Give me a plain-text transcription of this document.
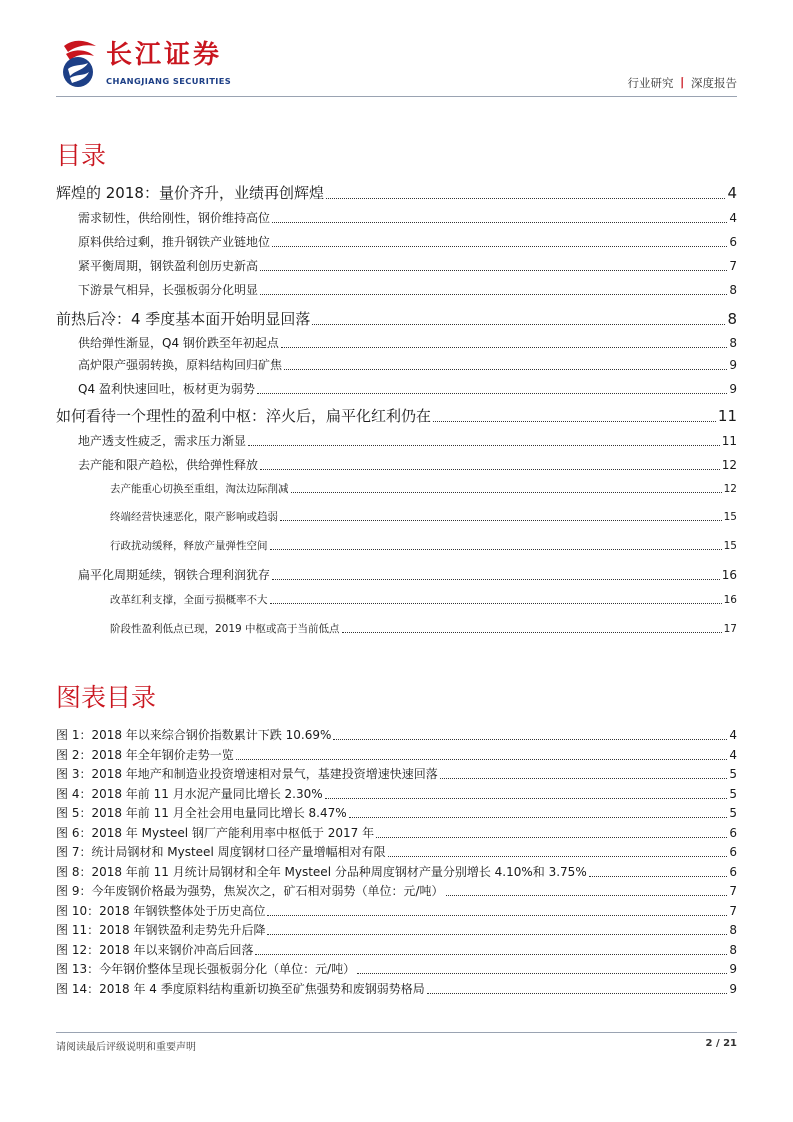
长江证券
CHANGJIANG SECURITIES	行业研究 丨 深度报告
目录
辉煌的 2018：量价齐升，业绩再创辉煌	4
需求韧性，供给刚性，钢价维持高位	4
原料供给过剩，推升钢铁产业链地位	6
紧平衡周期，钢铁盈利创历史新高	7
下游景气相异，长强板弱分化明显	8
前热后冷：4 季度基本面开始明显回落	8
供给弹性渐显，Q4 钢价跌至年初起点	8
高炉限产强弱转换，原料结构回归矿焦	9
Q4 盈利快速回吐，板材更为弱势	9
如何看待一个理性的盈利中枢：淬火后，扁平化红利仍在	11
地产透支性疲乏，需求压力渐显	11
去产能和限产趋松，供给弹性释放	12
去产能重心切换至重组，淘汰边际削减	12
终端经营快速恶化，限产影响或趋弱	15
行政扰动缓释，释放产量弹性空间	15
扁平化周期延续，钢铁合理利润犹存	16
改革红利支撑，全面亏损概率不大	16
阶段性盈利低点已现，2019 中枢或高于当前低点	17
图表目录
图 1：2018 年以来综合钢价指数累计下跌 10.69%	4
图 2：2018 年全年钢价走势一览	4
图 3：2018 年地产和制造业投资增速相对景气，基建投资增速快速回落	5
图 4：2018 年前 11 月水泥产量同比增长 2.30%	5
图 5：2018 年前 11 月全社会用电量同比增长 8.47%	5
图 6：2018 年 Mysteel 钢厂产能利用率中枢低于 2017 年	6
图 7：统计局钢材和 Mysteel 周度钢材口径产量增幅相对有限	6
图 8：2018 年前 11 月统计局钢材和全年 Mysteel 分品种周度钢材产量分别增长 4.10%和 3.75%	6
图 9：今年废钢价格最为强势，焦炭次之，矿石相对弱势（单位：元/吨）	7
图 10：2018 年钢铁整体处于历史高位	7
图 11：2018 年钢铁盈利走势先升后降	8
图 12：2018 年以来钢价冲高后回落	8
图 13：今年钢价整体呈现长强板弱分化（单位：元/吨）	9
图 14：2018 年 4 季度原料结构重新切换至矿焦强势和废钢弱势格局	9
请阅读最后评级说明和重要声明	2 / 21
